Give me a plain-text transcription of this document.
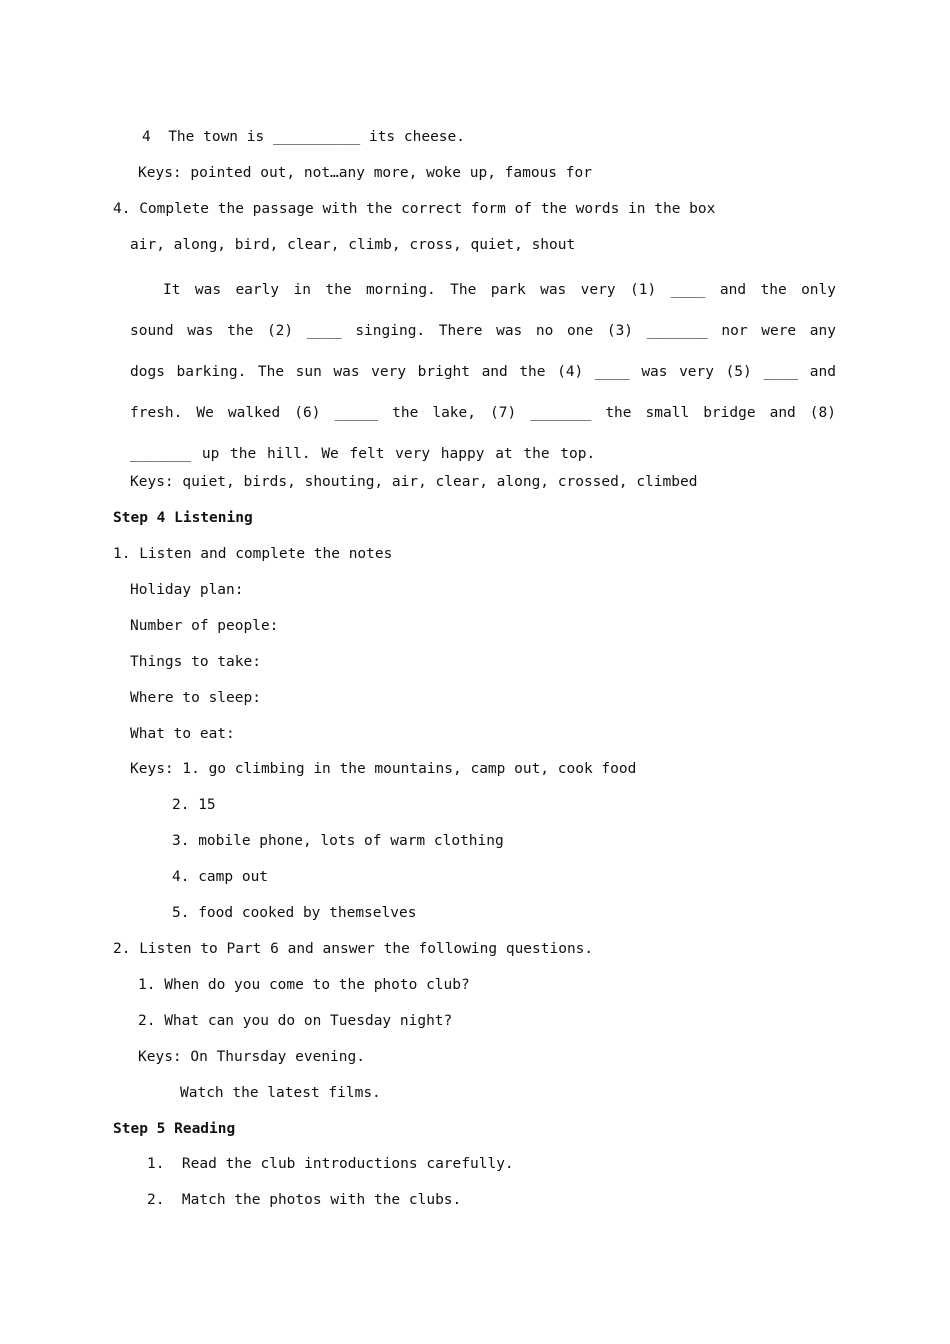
4  The town is __________ its cheese.
Keys: pointed out, not…any more, woke up, famous for
4. Complete the passage with the correct form of the words in the box
air, along, bird, clear, climb, cross, quiet, shout
It was early in the morning. The park was very (1) ____ and the only sound was the (2) ____ singing. There was no one (3) _______ nor were any dogs barking. The sun was very bright and the (4) ____ was very (5) ____ and fresh. We walked (6) _____ the lake, (7) _______ the small bridge and (8) _______ up the hill. We felt very happy at the top.
Keys: quiet, birds, shouting, air, clear, along, crossed, climbed
Step 4 Listening
1. Listen and complete the notes
Holiday plan:
Number of people:
Things to take:
Where to sleep:
What to eat:
Keys: 1. go climbing in the mountains, camp out, cook food
2. 15
3. mobile phone, lots of warm clothing
4. camp out
5. food cooked by themselves
2. Listen to Part 6 and answer the following questions.
1. When do you come to the photo club?
2. What can you do on Tuesday night?
Keys: On Thursday evening.
Watch the latest films.
Step 5 Reading
1.  Read the club introductions carefully.
2.  Match the photos with the clubs.
